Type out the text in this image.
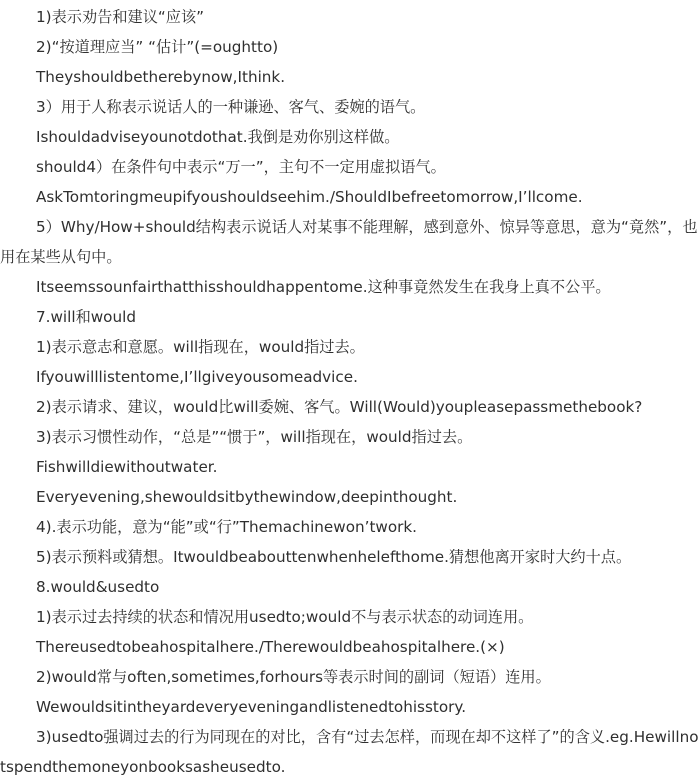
1)表示劝告和建议“应该”

2)“按道理应当” “估计”(=oughtto)

Theyshouldbetherebynow,Ithink.

3）用于人称表示说话人的一种谦逊、客气、委婉的语气。

Ishouldadviseyounotdothat.我倒是劝你别这样做。

should4）在条件句中表示“万一”，主句不一定用虚拟语气。

AskTomtoringmeupifyoushouldseehim./ShouldIbefreetomorrow,I’llcome.

5）Why/How+should结构表示说话人对某事不能理解，感到意外、惊异等意思，意为“竟然”，也用在某些从句中。

Itseemssounfairthatthisshouldhappentome.这种事竟然发生在我身上真不公平。

7.will和would

1)表示意志和意愿。will指现在，would指过去。

Ifyouwilllistentome,I’llgiveyousomeadvice.

2)表示请求、建议，would比will委婉、客气。Will(Would)youpleasepassmethebook?

3)表示习惯性动作，“总是”“惯于”，will指现在，would指过去。

Fishwilldiewithoutwater.

Everyevening,shewouldsitbythewindow,deepinthought.

4).表示功能，意为“能”或“行”Themachinewon’twork.

5)表示预料或猜想。Itwouldbeabouttenwhenhelefthome.猜想他离开家时大约十点。

8.would&usedto

1)表示过去持续的状态和情况用usedto;would不与表示状态的动词连用。

Thereusedtobeahospitalhere./Therewouldbeahospitalhere.(×)

2)would常与often,sometimes,forhours等表示时间的副词（短语）连用。

Wewouldsitintheyardeveryeveningandlistenedtohisstory.

3)usedto强调过去的行为同现在的对比，含有“过去怎样，而现在却不这样了”的含义.eg.Hewillnotspendthemoneyonbooksasheusedto.
